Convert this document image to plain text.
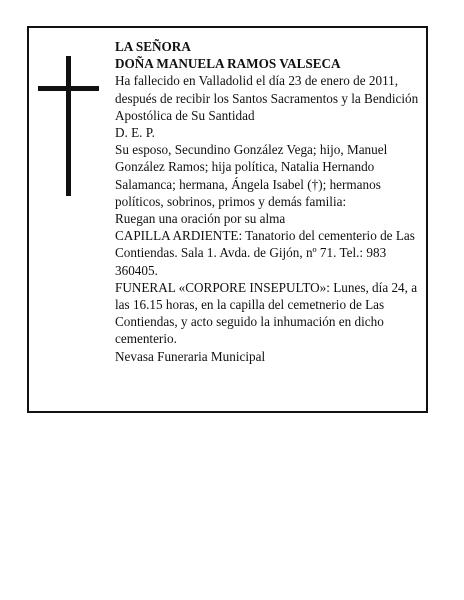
LA SEÑORA

DOÑA MANUELA RAMOS VALSECA

Ha fallecido en Valladolid el día 23 de enero de 2011, después de recibir los Santos Sacramentos y la Bendición Apostólica de Su Santidad

D. E. P.

Su esposo, Secundino González Vega; hijo, Manuel González Ramos; hija política, Natalia Hernando Salamanca; hermana, Ángela Isabel (†); hermanos políticos, sobrinos, primos y demás familia:

Ruegan una oración por su alma

CAPILLA ARDIENTE: Tanatorio del cementerio de Las Contiendas. Sala 1. Avda. de Gijón, nº 71. Tel.: 983 360405.

FUNERAL «CORPORE INSEPULTO»: Lunes, día 24, a las 16.15 horas, en la capilla del cemetnerio de Las Contiendas, y acto seguido la inhumación en dicho cementerio.

Nevasa Funeraria Municipal
